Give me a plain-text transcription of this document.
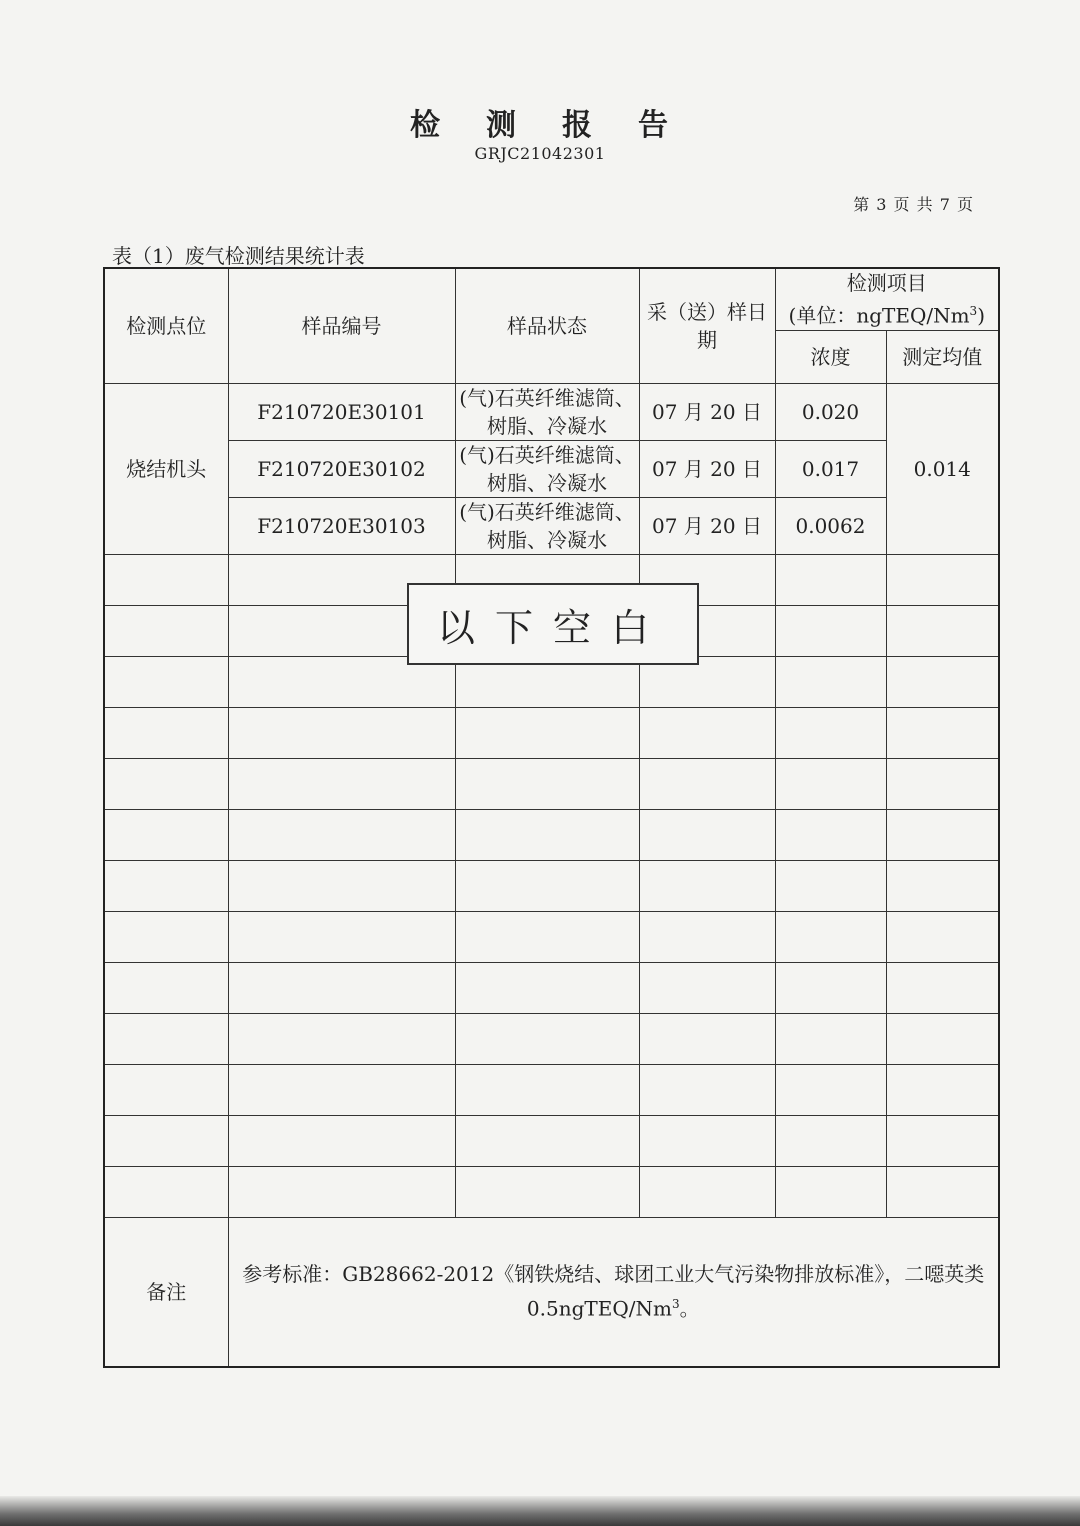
检 测 报 告
GRJC21042301
第 3 页 共 7 页
表（1）废气检测结果统计表
检测点位	样品编号	样品状态	采（送）样日期	检测项目
(单位：ngTEQ/Nm$^3$)	

				浓度	测定均值
烧结机头	F210720E30101	(气)石英纤维滤筒、树脂、冷凝水	07 月 20 日	0.020	0.014
	F210720E30102	(气)石英纤维滤筒、树脂、冷凝水	07 月 20 日	0.017	
	F210720E30103	(气)石英纤维滤筒、树脂、冷凝水	07 月 20 日	0.0062	

备注	参考标准：GB28662-2012《钢铁烧结、球团工业大气污染物排放标准》，二噁英类 0.5ngTEQ/Nm$^3$。				
以下空白
